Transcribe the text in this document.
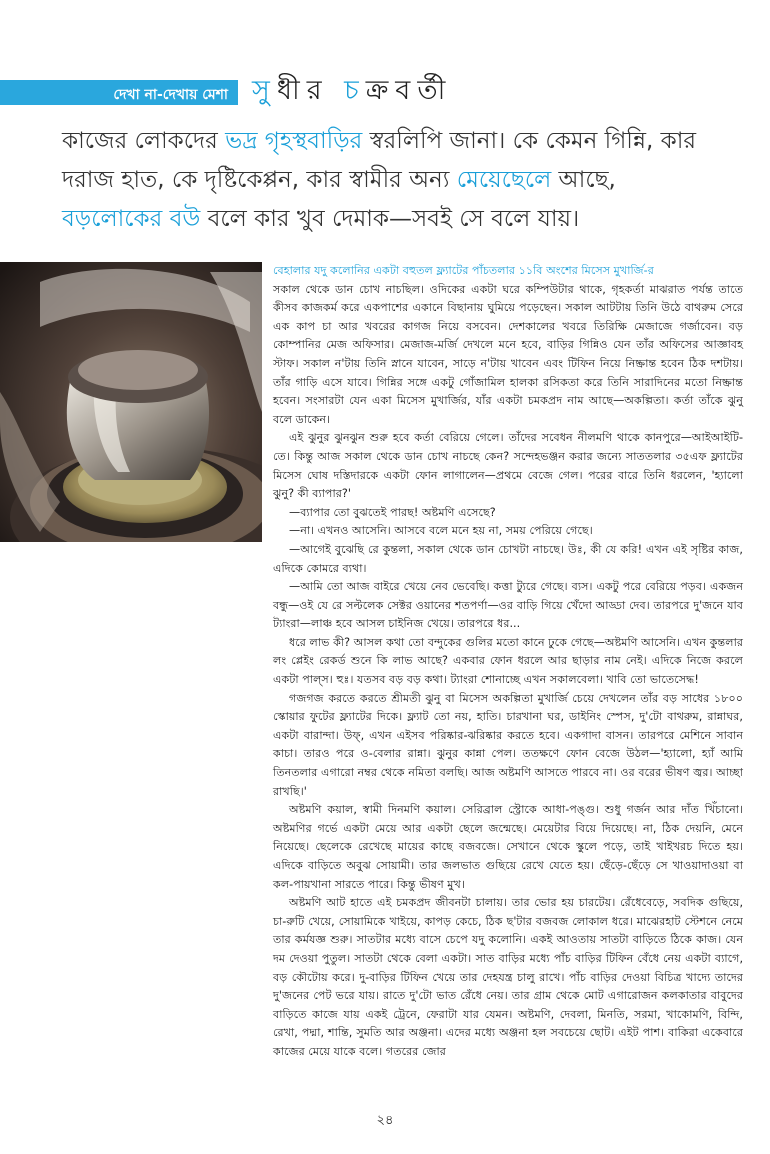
দেখা না-দেখায় মেশা সুধীর চক্রবর্তী
কাজের লোকদের ভদ্র গৃহস্থবাড়ির স্বরলিপি জানা। কে কেমন গিন্নি, কার দরাজ হাত, কে দৃষ্টিকেপ্পন, কার স্বামীর অন্য মেয়েছেলে আছে, বড়লোকের বউ বলে কার খুব দেমাক—সবই সে বলে যায়।

বেহালার যদু কলোনির একটা বহুতল ফ্ল্যাটের পাঁচতলার ১১বি অংশের মিসেস মুখার্জি-র

সকাল থেকে ডান চোখ নাচছিল। ওদিকের একটা ঘরে কম্পিউটার থাকে, গৃহকর্তা মাঝরাত পর্যন্ত তাতে কীসব কাজকর্ম করে একপাশের একানে বিছানায় ঘুমিয়ে পড়েছেন। সকাল আটটায় তিনি উঠে বাথরুম সেরে এক কাপ চা আর খবরের কাগজ নিয়ে বসবেন। দেশকালের খবরে তিরিক্ষি মেজাজে গর্জাবেন। বড় কোম্পানির মেজ অফিসার। মেজাজ-মর্জি দেখলে মনে হবে, বাড়ির গিন্নিও যেন তাঁর অফিসের আজ্ঞাবহ স্টাফ। সকাল ন'টায় তিনি স্নানে যাবেন, সাড়ে ন'টায় খাবেন এবং টিফিন নিয়ে নিষ্ক্রান্ত হবেন ঠিক দশটায়। তাঁর গাড়ি এসে যাবে। গিন্নির সঙ্গে একটু গোঁজামিল হালকা রসিকতা করে তিনি সারাদিনের মতো নিষ্ক্রান্ত হবেন। সংসারটা যেন একা মিসেস মুখার্জির, যাঁর একটা চমকপ্রদ নাম আছে—অকল্পিতা। কর্তা তাঁকে ঝুনু বলে ডাকেন।

এই ঝুনুর ঝুনঝুন শুরু হবে কর্তা বেরিয়ে গেলে। তাঁদের সবেধন নীলমণি থাকে কানপুরে—আইআইটি-তে। কিন্তু আজ সকাল থেকে ডান চোখ নাচছে কেন? সন্দেহভঞ্জন করার জন্যে সাততলার ৩৫এফ ফ্ল্যাটের মিসেস ঘোষ দস্তিদারকে একটা ফোন লাগালেন—প্রথমে বেজে গেল। পরের বারে তিনি ধরলেন, 'হ্যালো ঝুনু? কী ব্যাপার?'

—ব্যাপার তো বুঝতেই পারছ! অষ্টমণি এসেছে?

—না। এখনও আসেনি। আসবে বলে মনে হয় না, সময় পেরিয়ে গেছে।

—আগেই বুঝেছি রে কুন্তলা, সকাল থেকে ডান চোখটা নাচছে। উঃ, কী যে করি! এখন এই সৃষ্টির কাজ, এদিকে কোমরে ব্যথা।

—আমি তো আজ বাইরে খেয়ে নেব ভেবেছি। কত্তা ট্যুরে গেছে। ব্যস। একটু পরে বেরিয়ে পড়ব। একজন বন্ধু—ওই যে রে সল্টলেক সেক্টর ওয়ানের শতপর্ণা—ওর বাড়ি গিয়ে খেঁদো আড্ডা দেব। তারপরে দু'জনে যাব ট্যাংরা—লাঞ্চ হবে আসল চাইনিজ খেয়ে। তারপরে ধর...

ধরে লাভ কী? আসল কথা তো বন্দুকের গুলির মতো কানে ঢুকে গেছে—অষ্টমণি আসেনি। এখন কুন্তলার লং প্লেইং রেকর্ড শুনে কি লাভ আছে? একবার ফোন ধরলে আর ছাড়ার নাম নেই। এদিকে নিজে করলে একটা পাল্স। হুঃ। যতসব বড় বড় কথা। ট্যাংরা শোনাচ্ছে এখন সকালবেলা। খাবি তো ভাতেসেদ্ধ!

গজগজ করতে করতে শ্রীমতী ঝুনু বা মিসেস অকল্পিতা মুখার্জি চেয়ে দেখলেন তাঁর বড় সাধের ১৮০০ স্কোয়ার ফুটের ফ্ল্যাটের দিকে। ফ্ল্যাট তো নয়, হাতি। চারখানা ঘর, ডাইনিং স্পেস, দু'টো বাথরুম, রান্নাঘর, একটা বারান্দা। উফ্, এখন এইসব পরিষ্কার-ঝরিষ্কার করতে হবে। একগাদা বাসন। তারপরে মেশিনে সাবান কাচা। তারও পরে ও-বেলার রান্না। ঝুনুর কান্না পেল। ততক্ষণে ফোন বেজে উঠল—'হ্যালো, হ্যাঁ আমি তিনতলার এগারো নম্বর থেকে নমিতা বলছি। আজ অষ্টমণি আসতে পারবে না। ওর বরের ভীষণ জ্বর। আচ্ছা রাখছি।'

অষ্টমণি কয়াল, স্বামী দিনমণি কয়াল। সেরিব্রাল স্ট্রোকে আধা-পঙ্গু। শুধু গর্জন আর দাঁত খিঁচানো। অষ্টমণির গর্ভে একটা মেয়ে আর একটা ছেলে জন্মেছে। মেয়েটার বিয়ে দিয়েছে। না, ঠিক দেয়নি, মেনে নিয়েছে। ছেলেকে রেখেছে মায়ের কাছে বজবজে। সেখানে থেকে স্কুলে পড়ে, তাই খাইখরচ দিতে হয়। এদিকে বাড়িতে অবুঝ সোয়ামী। তার জলভাত গুছিয়ে রেখে যেতে হয়। ছেঁড়ে-ছেঁড়ে সে খাওয়াদাওয়া বা কল-পায়খানা সারতে পারে। কিন্তু ভীষণ মুখ।

অষ্টমণি আট হাতে এই চমকপ্রদ জীবনটা চালায়। তার ভোর হয় চারটেয়। রেঁধেবেড়ে, সবদিক গুছিয়ে, চা-রুটি খেয়ে, সোয়ামিকে খাইয়ে, কাপড় কেচে, ঠিক ছ'টার বজবজ লোকাল ধরে। মাঝেরহাট স্টেশনে নেমে তার কর্মযজ্ঞ শুরু। সাতটার মধ্যে বাসে চেপে যদু কলোনি। একই আওতায় সাতটা বাড়িতে ঠিকে কাজ। যেন দম দেওয়া পুতুল। সাতটা থেকে বেলা একটা। সাত বাড়ির মধ্যে পাঁচ বাড়ির টিফিন বেঁধে নেয় একটা ব্যাগে, বড় কৌটোয় করে। দু-বাড়ির টিফিন খেয়ে তার দেহযন্ত্র চালু রাখে। পাঁচ বাড়ির দেওয়া বিচিত্র খাদ্যে তাদের দু'জনের পেট ভরে যায়। রাতে দু'টো ভাত রেঁধে নেয়। তার গ্রাম থেকে মোট এগারোজন কলকাতার বাবুদের বাড়িতে কাজে যায় একই ট্রেনে, ফেরাটা যার যেমন। অষ্টমণি, দেবলা, মিনতি, সরমা, খাকোমণি, বিন্দি, রেখা, পদ্মা, শান্তি, সুমতি আর অঞ্জনা। এদের মধ্যে অঞ্জনা হল সবচেয়ে ছোট। এইট পাশ। বাকিরা একেবারে কাজের মেয়ে যাকে বলে। গতরের জোর

২৪
